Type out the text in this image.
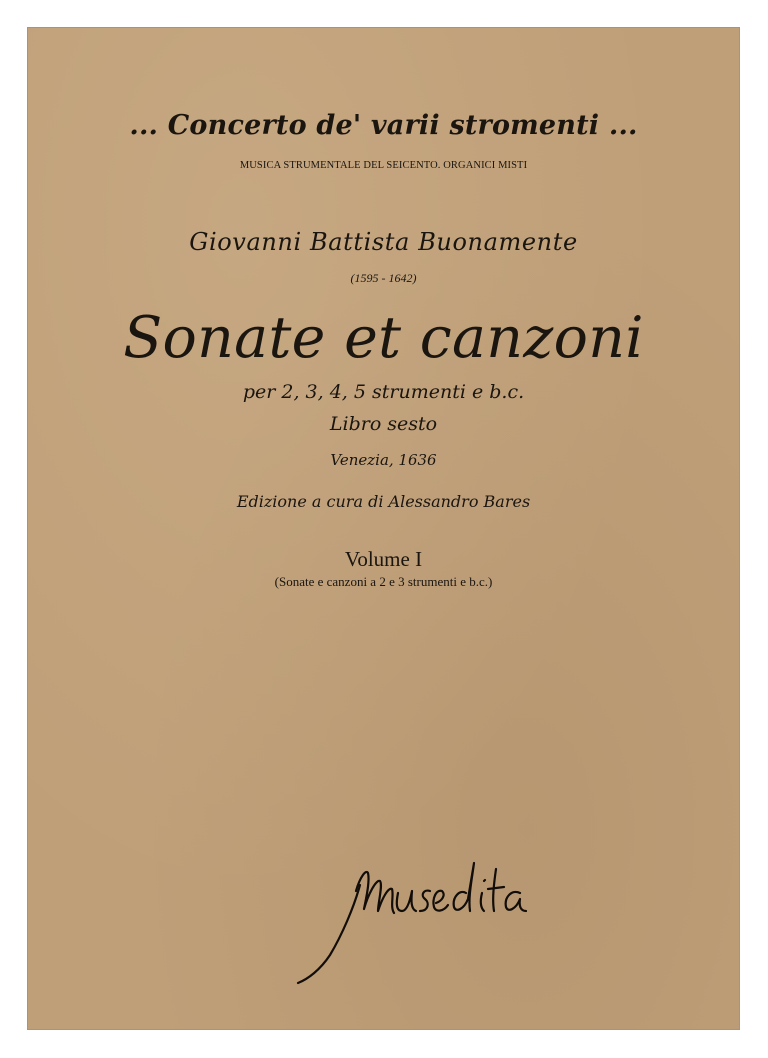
... Concerto de' varii stromenti ...
MUSICA STRUMENTALE DEL SEICENTO. ORGANICI MISTI
Giovanni Battista Buonamente
(1595 - 1642)
Sonate et canzoni
per 2, 3, 4, 5 strumenti e b.c.
Libro sesto
Venezia, 1636
Edizione a cura di Alessandro Bares
Volume I
(Sonate e canzoni a 2 e 3 strumenti e b.c.)
